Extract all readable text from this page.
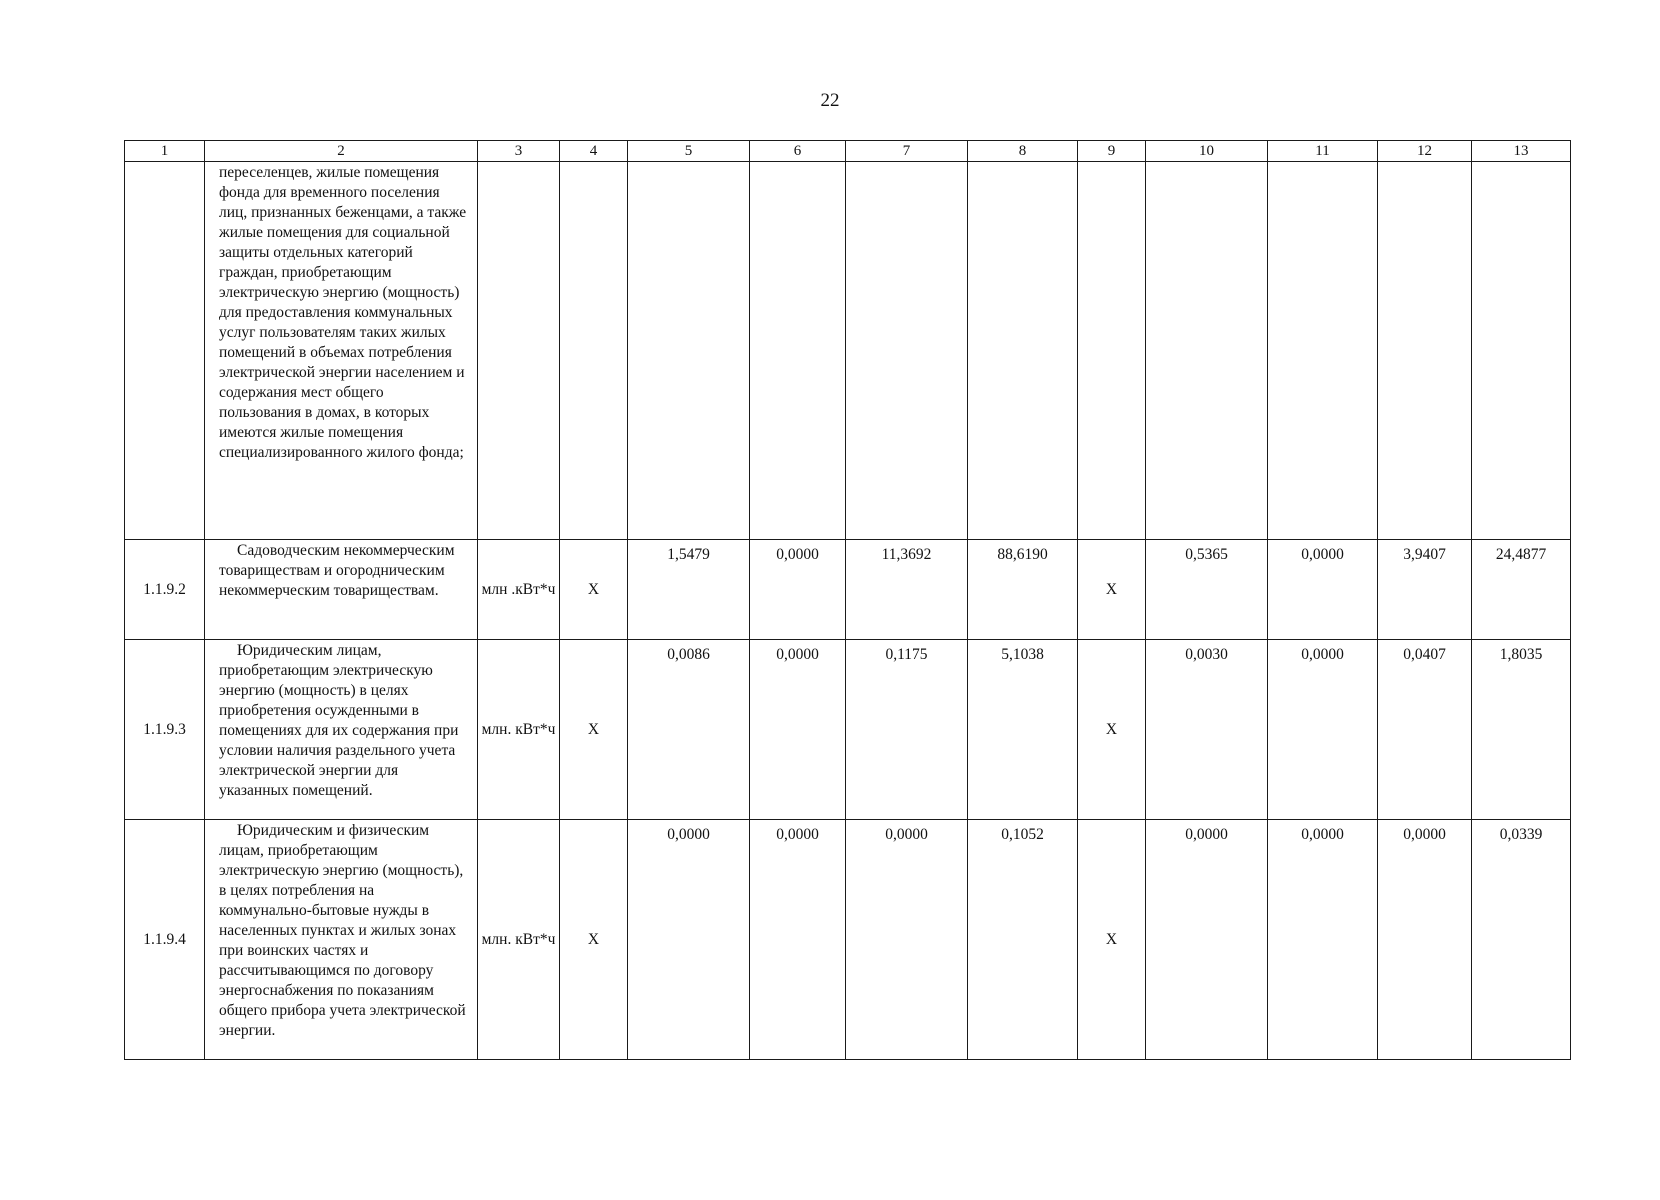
22
1	2	3	4	5	6	7	8	9	10	11	12	13
	переселенцев, жилые помещения фонда для временного поселения лиц, признанных беженцами, а также жилые помещения для социальной защиты отдельных категорий граждан, приобретающим электрическую энергию (мощность) для предоставления коммунальных услуг пользователям таких жилых помещений в объемах потребления электрической энергии населением и содержания мест общего пользования в домах, в которых имеются жилые помещения специализированного жилого фонда;											
1.1.9.2	Садоводческим некоммерческим товариществам и огородническим некоммерческим товариществам.	млн .кВт*ч	Х	1,5479	0,0000	11,3692	88,6190	Х	0,5365	0,0000	3,9407	24,4877
1.1.9.3	Юридическим лицам, приобретающим электрическую энергию (мощность) в целях приобретения осужденными в помещениях для их содержания при условии наличия раздельного учета электрической энергии для указанных помещений.	млн. кВт*ч	Х	0,0086	0,0000	0,1175	5,1038	Х	0,0030	0,0000	0,0407	1,8035
1.1.9.4	Юридическим и физическим лицам, приобретающим электрическую энергию (мощность), в целях потребления на коммунально-бытовые нужды в населенных пунктах и жилых зонах при воинских частях и рассчитывающимся по договору энергоснабжения по показаниям общего прибора учета электрической энергии.	млн. кВт*ч	Х	0,0000	0,0000	0,0000	0,1052	Х	0,0000	0,0000	0,0000	0,0339
